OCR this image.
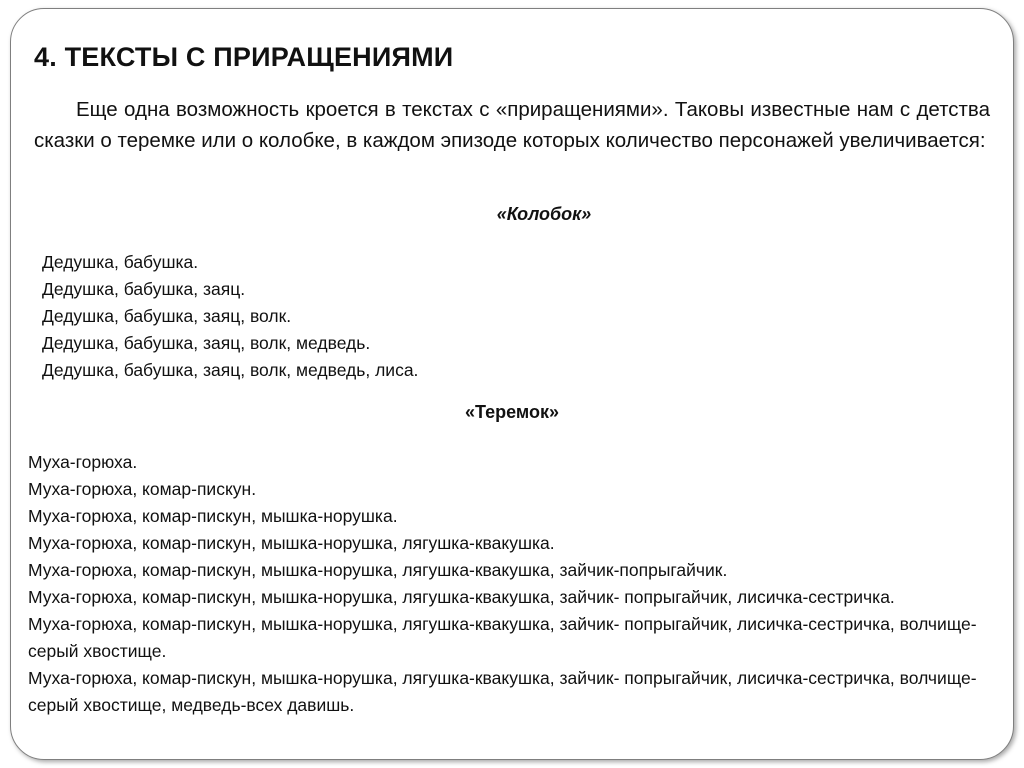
4. ТЕКСТЫ С ПРИРАЩЕНИЯМИ

Еще одна возможность кроется в текстах с «приращениями». Таковы известные нам с детства сказки о теремке или о колобке, в каждом эпизоде которых количество персонажей увеличивается:

«Колобок»
Дедушка, бабушка.
Дедушка, бабушка, заяц.
Дедушка, бабушка, заяц, волк.
Дедушка, бабушка, заяц, волк, медведь.
Дедушка, бабушка, заяц, волк, медведь, лиса.
«Теремок»
Муха-горюха.
Муха-горюха, комар-пискун.
Муха-горюха, комар-пискун, мышка-норушка.
Муха-горюха, комар-пискун, мышка-норушка, лягушка-квакушка.
Муха-горюха, комар-пискун, мышка-норушка, лягушка-квакушка, зайчик-попрыгайчик.
Муха-горюха, комар-пискун, мышка-норушка, лягушка-квакушка, зайчик- попрыгайчик, лисичка-сестричка.
Муха-горюха, комар-пискун, мышка-норушка, лягушка-квакушка, зайчик- попрыгайчик, лисичка-сестричка, волчище-серый хвостище.
Муха-горюха, комар-пискун, мышка-норушка, лягушка-квакушка, зайчик- попрыгайчик, лисичка-сестричка, волчище-серый хвостище, медведь-всех давишь.
